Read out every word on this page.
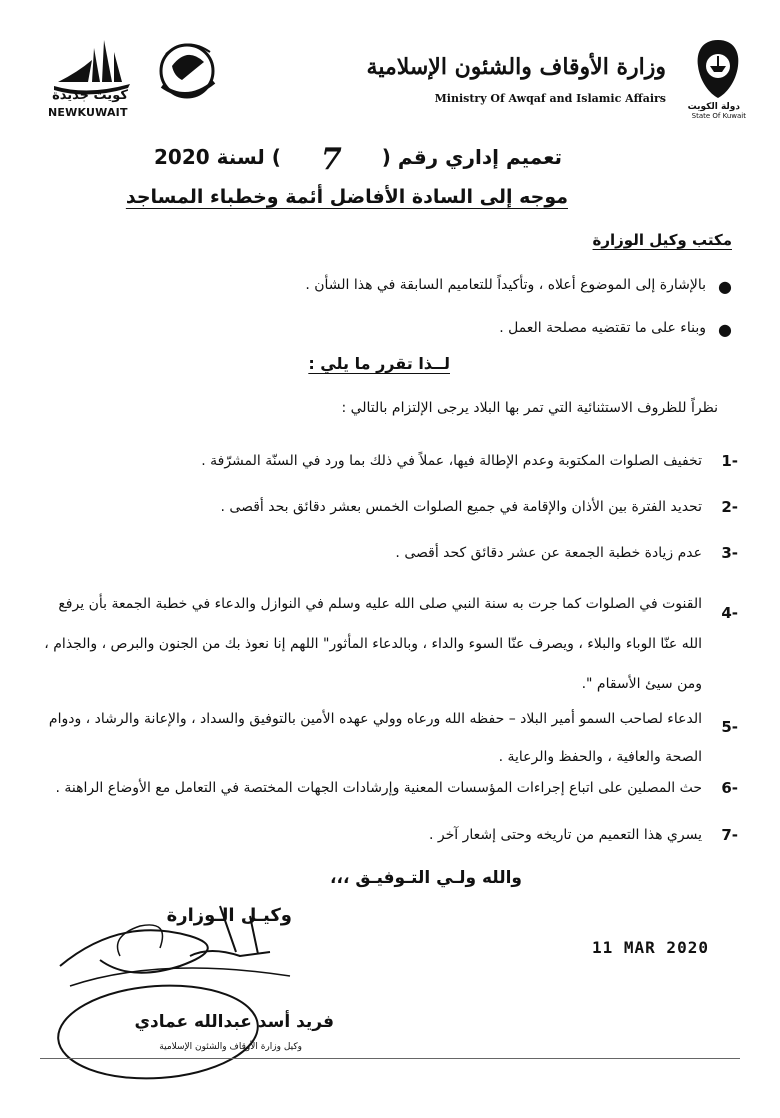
كويت جديدة
NEWKUWAIT
وزارة الأوقاف والشئون الإسلامية
Ministry Of Awqaf and Islamic Affairs
دولة الكويت
State Of Kuwait
تعميم إداري رقم (7) لسنة 2020
موجه إلى السادة الأفاضل أئمة وخطباء المساجد
مكتب وكيل الوزارة
●
بالإشارة إلى الموضوع أعلاه ، وتأكيداً للتعاميم السابقة في هذا الشأن .
●
وبناء على ما تقتضيه مصلحة العمل .
لــذا تقرر ما يلي :
نظراً للظروف الاستثنائية التي تمر بها البلاد يرجى الإلتزام بالتالي :
-1
تخفيف الصلوات المكتوبة وعدم الإطالة فيها، عملاً في ذلك بما ورد في السنّة المشرّفة .
-2
تحديد الفترة بين الأذان والإقامة في جميع الصلوات الخمس بعشر دقائق بحد أقصى .
-3
عدم زيادة خطبة الجمعة عن عشر دقائق كحد أقصى .
-4
القنوت في الصلوات كما جرت به سنة النبي صلى الله عليه وسلم في النوازل والدعاء في خطبة الجمعة بأن يرفع الله عنّا الوباء والبلاء ، ويصرف عنّا السوء والداء ، وبالدعاء المأثور" اللهم إنا نعوذ بك من الجنون والبرص ، والجذام ، ومن سيئ الأسقام ".
-5
الدعاء لصاحب السمو أمير البلاد – حفظه الله ورعاه وولي عهده الأمين بالتوفيق والسداد ، والإعانة والرشاد ، ودوام الصحة والعافية ، والحفظ والرعاية .
-6
حث المصلين على اتباع إجراءات المؤسسات المعنية وإرشادات الجهات المختصة في التعامل مع الأوضاع الراهنة .
-7
يسري هذا التعميم من تاريخه وحتى إشعار آخر .
والله ولـي التـوفيـق ،،،
وكيـل الـوزارة
11 MAR 2020
فريد أسد عبدالله عمادي
وكيل وزارة الأوقاف والشئون الإسلامية
